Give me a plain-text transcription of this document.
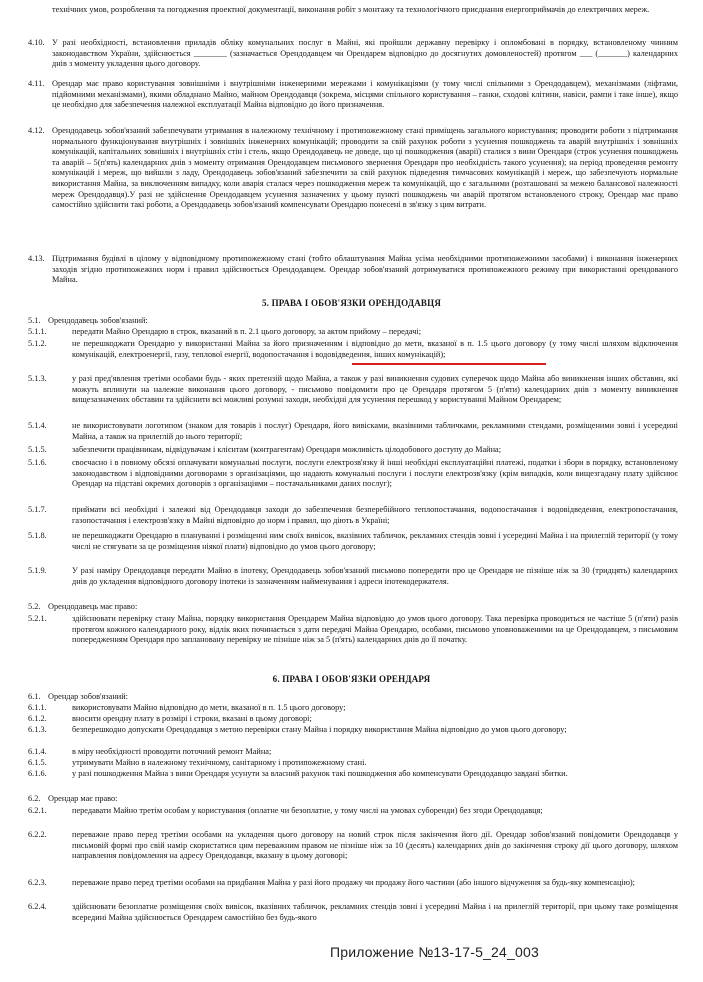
технічних умов, розроблення та погодження проектної документації, виконання робіт з монтажу та технологічного приєднання енергоприймачів до електричних мереж.
4.10. У разі необхідності, встановлення приладів обліку комунальних послуг в Майні, які пройшли державну перевірку і опломбовані в порядку, встановленому чинним законодавством України, здійснюється ________ (зазначається Орендодавцем чи Орендарем відповідно до досягнутих домовленостей) протягом ___ (_______) календарних днів з моменту укладення цього договору.
4.11. Орендар має право користування зовнішніми і внутрішніми інженерними мережами і комунікаціями (у тому числі спільними з Орендодавцем), механізмами (ліфтами, підйомними механізмами), якими обладнано Майно, майном Орендодавця (зокрема, місцями спільного користування – ганки, сходові клітини, навіси, рампи і таке інше), якщо це необхідно для забезпечення належної експлуатації Майна відповідно до його призначення.
4.12. Орендодавець зобов'язаний забезпечувати утримання в належному технічному і протипожежному стані приміщень загального користування; проводити роботи з підтримання нормального функціонування внутрішніх і зовнішніх інженерних комунікацій; проводити за свій рахунок роботи з усунення пошкоджень та аварій внутрішніх і зовнішніх комунікацій, капітальних зовнішніх і внутрішніх стін і стель, якщо Орендодавець не доведе, що ці пошкодження (аварії) сталися з вини Орендаря (строк усунення пошкоджень та аварій – 5(п'ять) календарних днів з моменту отримання Орендодавцем письмового звернення Орендаря про необхідність такого усунення); на період проведення ремонту комунікацій і мереж, що вийшли з ладу, Орендодавець зобов'язаний забезпечити за свій рахунок підведення тимчасових комунікацій і мереж, що забезпечують нормальне використання Майна, за виключенням випадку, коли аварія сталася через пошкодження мереж та комунікацій, що є загальними (розташовані за межею балансової належності мереж Орендодавця).У разі не здійснення Орендодавцем усунення зазначених у цьому пункті пошкоджень чи аварій протягом встановленого строку, Орендар має право самостійно здійснити такі роботи, а Орендодавець зобов'язаний компенсувати Орендарю понесені в зв'язку з цим витрати.
4.13. Підтримання будівлі в цілому у відповідному протипожежному стані (тобто облаштування Майна усіма необхідними протипожежними засобами) і виконання інженерних заходів згідно протипожежних норм і правил здійснюється Орендодавцем. Орендар зобов'язаний дотримуватися протипожежного режиму при використанні орендованого Майна.
5. ПРАВА І ОБОВ'ЯЗКИ ОРЕНДОДАВЦЯ
5.1. Орендодавець зобов'язаний:
5.1.1.	передати Майно Орендарю в строк, вказаний в п. 2.1 цього договору, за актом прийому – передачі;
5.1.2.	не перешкоджати Орендарю у використанні Майна за його призначенням і відповідно до мети, вказаної в п. 1.5 цього договору (у тому числі шляхом відключення комунікацій, електроенергії, газу, теплової енергії, водопостачання і водовідведення, інших комунікацій);
5.1.3.	у разі пред'явлення третіми особами будь - яких претензій щодо Майна, а також у разі виникнення судових суперечок щодо Майна або виникнення інших обставин, які можуть вплинути на належне виконання цього договору, - письмово повідомити про це Орендаря протягом 5 (п'яти) календарних днів з моменту виникнення вищезазначених обставин та здійснити всі можливі розумні заходи, необхідні для усунення перешкод у користуванні Майном Орендарем;
5.1.4.	не використовувати логотипом (знаком для товарів і послуг) Орендаря, його вивісками, вказівними табличками, рекламними стендами, розміщеними зовні і усередині Майна, а також на прилеглій до нього території;
5.1.5.	забезпечити працівникам, відвідувачам і клієнтам (контрагентам) Орендаря можливість цілодобового доступу до Майна;
5.1.6.	своєчасно і в повному обсязі оплачувати комунальні послуги, послуги електрозв'язку й інші необхідні експлуатаційні платежі, податки і збори в порядку, встановленому законодавством і відповідними договорами з організаціями, що надають комунальні послуги і послуги електрозв'язку (крім випадків, коли вищезгадану плату здійснює Орендар на підставі окремих договорів з організаціями – постачальниками даних послуг);
5.1.7.	приймати всі необхідні і залежні від Орендодавця заходи до забезпечення безперебійного теплопостачання, водопостачання і водовідведення, електропостачання, газопостачання і електрозв'язку в Майні відповідно до норм і правил, що діють в Україні;
5.1.8.	не перешкоджати Орендарю в плануванні і розміщенні ним своїх вивісок, вказівних табличок, рекламних стендів зовні і усередині Майна і на прилеглій території (у тому числі не стягувати за це розміщення ніякої плати) відповідно до умов цього договору;
5.1.9.	У разі наміру Орендодавця передати Майно в іпотеку, Орендодавець зобов'язаний письмово попередити про це Орендаря не пізніше ніж за 30 (тридцять) календарних днів до укладення відповідного договору іпотеки із зазначенням найменування і адреси іпотекодержателя.
5.2. Орендодавець має право:
5.2.1.	здійснювати перевірку стану Майна, порядку використання Орендарем Майна відповідно до умов цього договору. Така перевірка проводиться не частіше 5 (п'яти) разів протягом кожного календарного року, відлік яких починається з дати передачі Майна Орендарю, особами, письмово уповноваженими на це Орендодавцем, з письмовим попередженням Орендаря про заплановану перевірку не пізніше ніж за 5 (п'ять) календарних днів до її початку.
6. ПРАВА І ОБОВ'ЯЗКИ ОРЕНДАРЯ
6.1. Орендар зобов'язаний:
6.1.1.	використовувати Майно відповідно до мети, вказаної в п. 1.5 цього договору;
6.1.2.	вносити орендну плату в розмірі і строки, вказані в цьому договорі;
6.1.3.	безперешкодно допускати Орендодавця з метою перевірки стану Майна і порядку використання Майна відповідно до умов цього договору;
6.1.4.	в міру необхідності проводити поточний ремонт Майна;
6.1.5.	утримувати Майно в належному технічному, санітарному і протипожежному стані.
6.1.6.	у разі пошкодження Майна з вини Орендаря усунути за власний рахунок такі пошкодження або компенсувати Орендодавцю завдані збитки.
6.2. Орендар має право:
6.2.1.	передавати Майно третім особам у користування (оплатне чи безоплатне, у тому числі на умовах суборенди) без згоди Орендодавця;
6.2.2.	переважне право перед третіми особами на укладення цього договору на новий строк після закінчення його дії. Орендар зобов'язаний повідомити Орендодавця у письмовій формі про свій намір скористатися цим переважним правом не пізніше ніж за 10 (десять) календарних днів до закінчення строку дії цього договору, шляхом направлення повідомлення на адресу Орендодавця, вказану в цьому договорі;
6.2.3.	переважне право перед третіми особами на придбання Майна у разі його продажу чи продажу його частини (або іншого відчуження за будь-яку компенсацію);
6.2.4.	здійснювати безоплатне розміщення своїх вивісок, вказівних табличок, рекламних стендів зовні і усередині Майна і на прилеглій території, при цьому таке розміщення всередині Майна здійснюється Орендарем самостійно без будь-якого
Приложение №13-17-5_24_003
